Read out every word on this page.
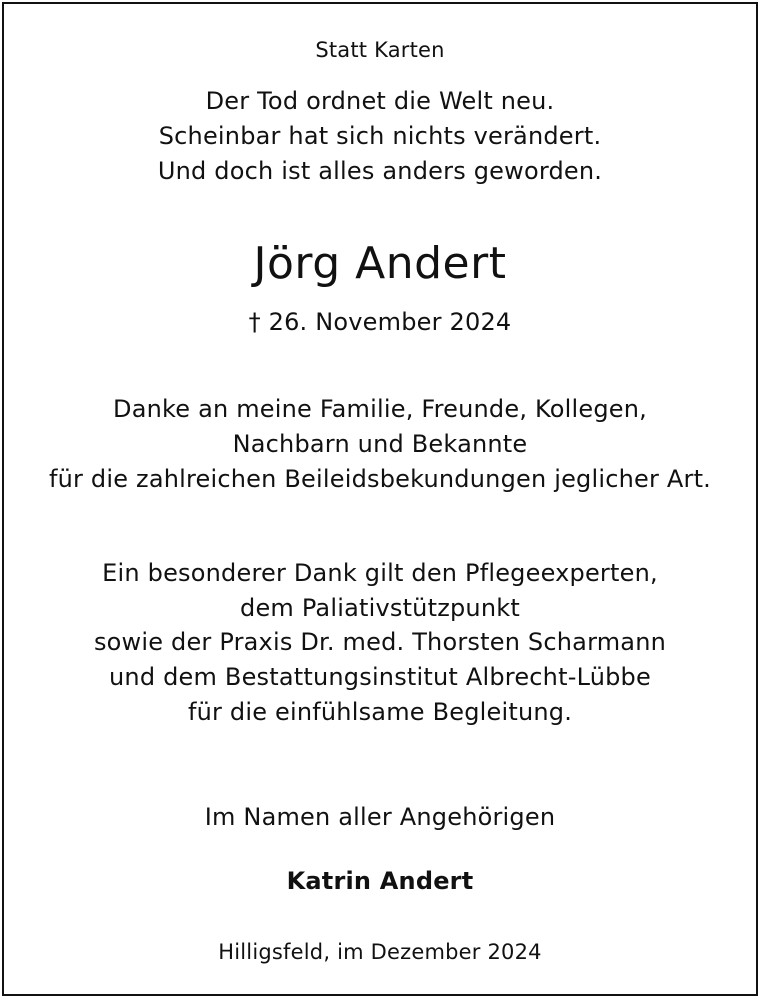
Statt Karten
Der Tod ordnet die Welt neu.
Scheinbar hat sich nichts verändert.
Und doch ist alles anders geworden.
Jörg Andert
† 26. November 2024
Danke an meine Familie, Freunde, Kollegen,
Nachbarn und Bekannte
für die zahlreichen Beileidsbekundungen jeglicher Art.
Ein besonderer Dank gilt den Pflegeexperten,
dem Paliativstützpunkt
sowie der Praxis Dr. med. Thorsten Scharmann
und dem Bestattungsinstitut Albrecht-Lübbe
für die einfühlsame Begleitung.
Im Namen aller Angehörigen
Katrin Andert
Hilligsfeld, im Dezember 2024
